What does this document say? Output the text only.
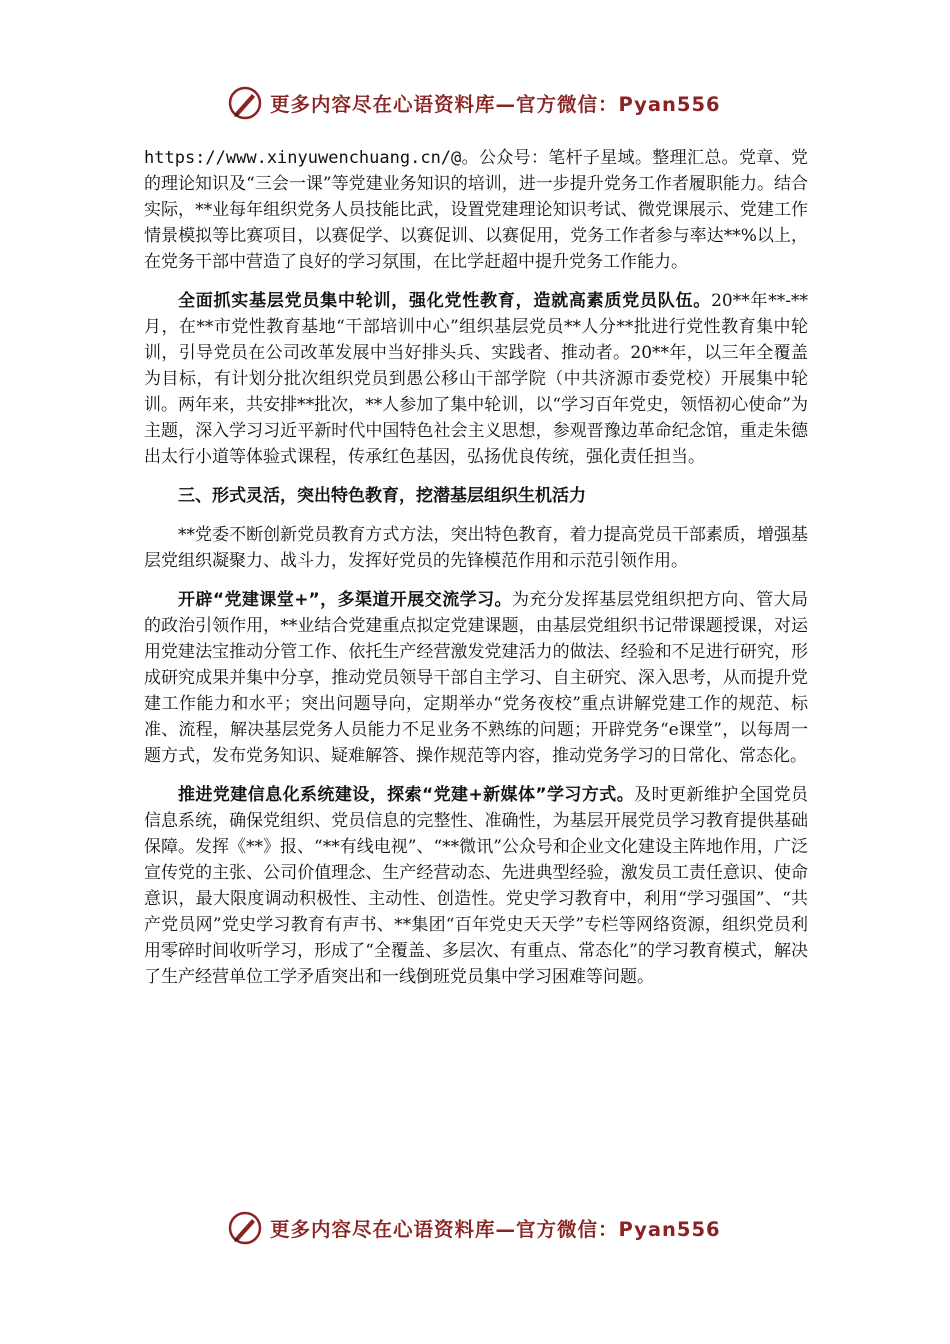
更多内容尽在心语资料库—官方微信：Pyan556

https://www.xinyuwenchuang.cn/@。公众号：笔杆子星域。整理汇总。党章、党的理论知识及“三会一课”等党建业务知识的培训，进一步提升党务工作者履职能力。结合实际，**业每年组织党务人员技能比武，设置党建理论知识考试、微党课展示、党建工作情景模拟等比赛项目，以赛促学、以赛促训、以赛促用，党务工作者参与率达**%以上，在党务干部中营造了良好的学习氛围，在比学赶超中提升党务工作能力。

全面抓实基层党员集中轮训，强化党性教育，造就高素质党员队伍。20**年**-**月，在**市党性教育基地“干部培训中心”组织基层党员**人分**批进行党性教育集中轮训，引导党员在公司改革发展中当好排头兵、实践者、推动者。20**年，以三年全覆盖为目标，有计划分批次组织党员到愚公移山干部学院（中共济源市委党校）开展集中轮训。两年来，共安排**批次，**人参加了集中轮训，以“学习百年党史，领悟初心使命”为主题，深入学习习近平新时代中国特色社会主义思想，参观晋豫边革命纪念馆，重走朱德出太行小道等体验式课程，传承红色基因，弘扬优良传统，强化责任担当。

三、形式灵活，突出特色教育，挖潜基层组织生机活力

**党委不断创新党员教育方式方法，突出特色教育，着力提高党员干部素质，增强基层党组织凝聚力、战斗力，发挥好党员的先锋模范作用和示范引领作用。

开辟“党建课堂+”，多渠道开展交流学习。为充分发挥基层党组织把方向、管大局的政治引领作用，**业结合党建重点拟定党建课题，由基层党组织书记带课题授课，对运用党建法宝推动分管工作、依托生产经营激发党建活力的做法、经验和不足进行研究，形成研究成果并集中分享，推动党员领导干部自主学习、自主研究、深入思考，从而提升党建工作能力和水平；突出问题导向，定期举办“党务夜校”重点讲解党建工作的规范、标准、流程，解决基层党务人员能力不足业务不熟练的问题；开辟党务“e课堂”，以每周一题方式，发布党务知识、疑难解答、操作规范等内容，推动党务学习的日常化、常态化。

推进党建信息化系统建设，探索“党建+新媒体”学习方式。及时更新维护全国党员信息系统，确保党组织、党员信息的完整性、准确性，为基层开展党员学习教育提供基础保障。发挥《**》报、“**有线电视”、“**微讯”公众号和企业文化建设主阵地作用，广泛宣传党的主张、公司价值理念、生产经营动态、先进典型经验，激发员工责任意识、使命意识，最大限度调动积极性、主动性、创造性。党史学习教育中，利用“学习强国”、“共产党员网”党史学习教育有声书、**集团“百年党史天天学”专栏等网络资源，组织党员利用零碎时间收听学习，形成了“全覆盖、多层次、有重点、常态化”的学习教育模式，解决了生产经营单位工学矛盾突出和一线倒班党员集中学习困难等问题。

更多内容尽在心语资料库—官方微信：Pyan556
